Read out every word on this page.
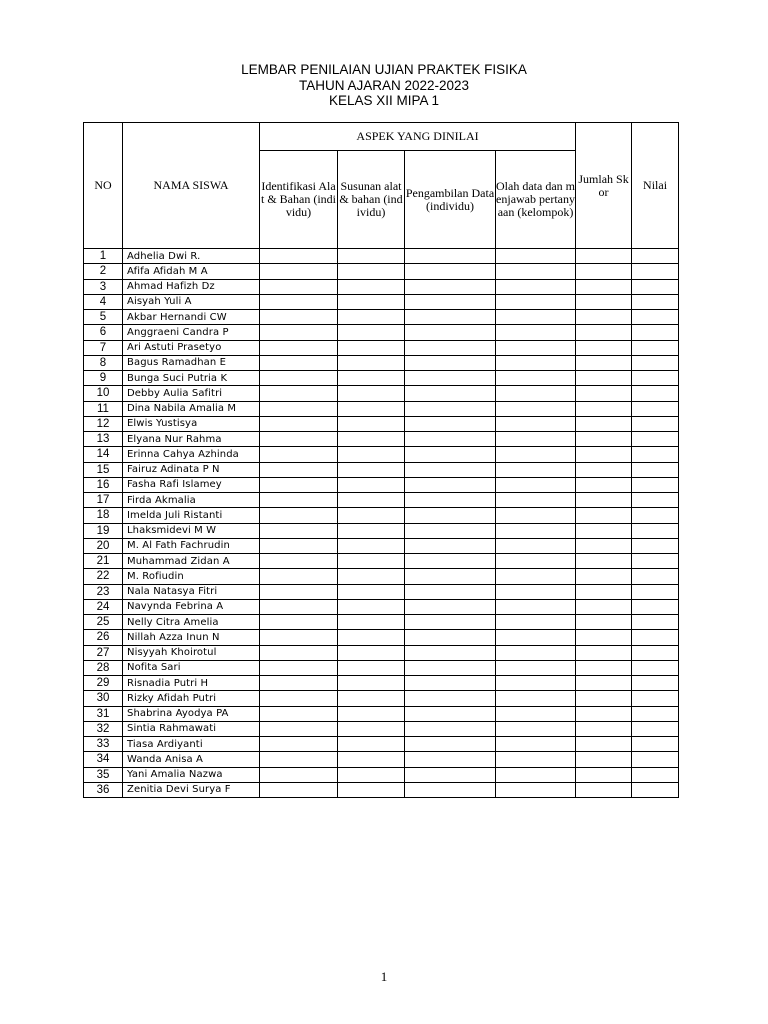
LEMBAR PENILAIAN UJIAN PRAKTEK FISIKA
TAHUN AJARAN 2022-2023
KELAS XII MIPA 1
NO	NAMA SISWA	ASPEK YANG DINILAI				Jumlah Skor	Nilai
		Identifikasi Alat & Bahan (individu)	Susunan alat & bahan (individu)	Pengambilan Data (individu)	Olah data dan menjawab pertanyaan (kelompok)		
1	Adhelia Dwi R.						
2	Afifa Afidah M A						
3	Ahmad Hafizh Dz						
4	Aisyah Yuli A						
5	Akbar Hernandi CW						
6	Anggraeni Candra P						
7	Ari Astuti Prasetyo						
8	Bagus Ramadhan E						
9	Bunga Suci Putria K						
10	Debby Aulia Safitri						
11	Dina Nabila Amalia M						
12	Elwis Yustisya						
13	Elyana Nur Rahma						
14	Erinna Cahya Azhinda						
15	Fairuz Adinata P N						
16	Fasha Rafi Islamey						
17	Firda Akmalia						
18	Imelda Juli Ristanti						
19	Lhaksmidevi M W						
20	M. Al Fath Fachrudin						
21	Muhammad Zidan A						
22	M. Rofiudin						
23	Nala Natasya Fitri						
24	Navynda Febrina A						
25	Nelly Citra Amelia						
26	Nillah Azza Inun N						
27	Nisyyah Khoirotul						
28	Nofita Sari						
29	Risnadia Putri H						
30	Rizky Afidah Putri						
31	Shabrina Ayodya PA						
32	Sintia Rahmawati						
33	Tiasa Ardiyanti						
34	Wanda Anisa A						
35	Yani Amalia Nazwa						
36	Zenitia Devi Surya F						
1
